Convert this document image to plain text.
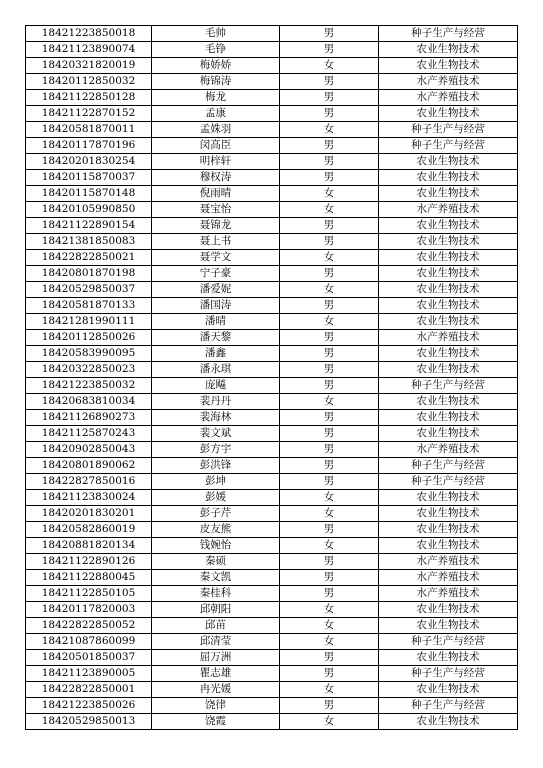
18421223850018	毛帅	男	种子生产与经营
18421123890074	毛铮	男	农业生物技术
18420321820019	梅娇娇	女	农业生物技术
18420112850032	梅锦涛	男	水产养殖技术
18421122850128	梅龙	男	水产养殖技术
18421122870152	孟康	男	农业生物技术
18420581870011	孟姝羽	女	种子生产与经营
18420117870196	闵高臣	男	种子生产与经营
18420201830254	明梓轩	男	农业生物技术
18420115870037	穆权涛	男	农业生物技术
18420115870148	倪雨晴	女	农业生物技术
18420105990850	聂宝怡	女	水产养殖技术
18421122890154	聂锦龙	男	农业生物技术
18421381850083	聂上书	男	农业生物技术
18422822850021	聂学文	女	农业生物技术
18420801870198	宁子豪	男	农业生物技术
18420529850037	潘爱妮	女	农业生物技术
18420581870133	潘国涛	男	农业生物技术
18421281990111	潘晴	女	农业生物技术
18420112850026	潘天黎	男	水产养殖技术
18420583990095	潘鑫	男	农业生物技术
18420322850023	潘永琪	男	农业生物技术
18421223850032	庞飚	男	种子生产与经营
18420683810034	裴丹丹	女	农业生物技术
18421126890273	裴海林	男	农业生物技术
18421125870243	裴文斌	男	农业生物技术
18420902850043	彭方宇	男	水产养殖技术
18420801890062	彭洪锋	男	种子生产与经营
18422827850016	彭坤	男	种子生产与经营
18421123830024	彭媛	女	农业生物技术
18420201830201	彭子芹	女	农业生物技术
18420582860019	皮友熊	男	农业生物技术
18420881820134	钱婉怡	女	农业生物技术
18421122890126	秦硕	男	水产养殖技术
18421122880045	秦文凯	男	水产养殖技术
18421122850105	秦桂科	男	水产养殖技术
18420117820003	邱朝阳	女	农业生物技术
18422822850052	邱苗	女	农业生物技术
18421087860099	邱清莹	女	种子生产与经营
18420501850037	屈万洲	男	农业生物技术
18421123890005	瞿志雄	男	种子生产与经营
18422822850001	冉光媛	女	农业生物技术
18421223850026	饶律	男	种子生产与经营
18420529850013	饶霞	女	农业生物技术
